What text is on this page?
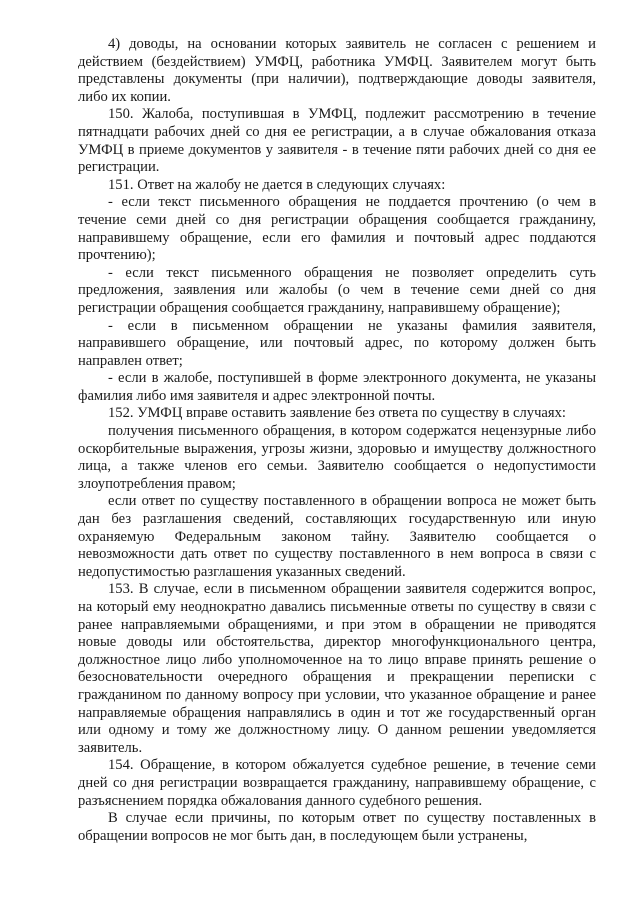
4) доводы, на основании которых заявитель не согласен с решением и действием (бездействием) УМФЦ, работника УМФЦ. Заявителем могут быть представлены документы (при наличии), подтверждающие доводы заявителя, либо их копии.

150. Жалоба, поступившая в УМФЦ, подлежит рассмотрению в течение пятнадцати рабочих дней со дня ее регистрации, а в случае обжалования отказа УМФЦ в приеме документов у заявителя - в течение пяти рабочих дней со дня ее регистрации.

151. Ответ на жалобу не дается в следующих случаях:

- если текст письменного обращения не поддается прочтению (о чем в течение семи дней со дня регистрации обращения сообщается гражданину, направившему обращение, если его фамилия и почтовый адрес поддаются прочтению);

- если текст письменного обращения не позволяет определить суть предложения, заявления или жалобы (о чем в течение семи дней со дня регистрации обращения сообщается гражданину, направившему обращение);

- если в письменном обращении не указаны фамилия заявителя, направившего обращение, или почтовый адрес, по которому должен быть направлен ответ;

- если в жалобе, поступившей в форме электронного документа, не указаны фамилия либо имя заявителя и адрес электронной почты.

152. УМФЦ вправе оставить заявление без ответа по существу в случаях:

получения письменного обращения, в котором содержатся нецензурные либо оскорбительные выражения, угрозы жизни, здоровью и имуществу должностного лица, а также членов его семьи. Заявителю сообщается о недопустимости злоупотребления правом;

если ответ по существу поставленного в обращении вопроса не может быть дан без разглашения сведений, составляющих государственную или иную охраняемую Федеральным законом тайну. Заявителю сообщается о невозможности дать ответ по существу поставленного в нем вопроса в связи с недопустимостью разглашения указанных сведений.

153. В случае, если в письменном обращении заявителя содержится вопрос, на который ему неоднократно давались письменные ответы по существу в связи с ранее направляемыми обращениями, и при этом в обращении не приводятся новые доводы или обстоятельства, директор многофункционального центра, должностное лицо либо уполномоченное на то лицо вправе принять решение о безосновательности очередного обращения и прекращении переписки с гражданином по данному вопросу при условии, что указанное обращение и ранее направляемые обращения направлялись в один и тот же государственный орган или одному и тому же должностному лицу. О данном решении уведомляется заявитель.

154. Обращение, в котором обжалуется судебное решение, в течение семи дней со дня регистрации возвращается гражданину, направившему обращение, с разъяснением порядка обжалования данного судебного решения.

В случае если причины, по которым ответ по существу поставленных в обращении вопросов не мог быть дан, в последующем были устранены,
